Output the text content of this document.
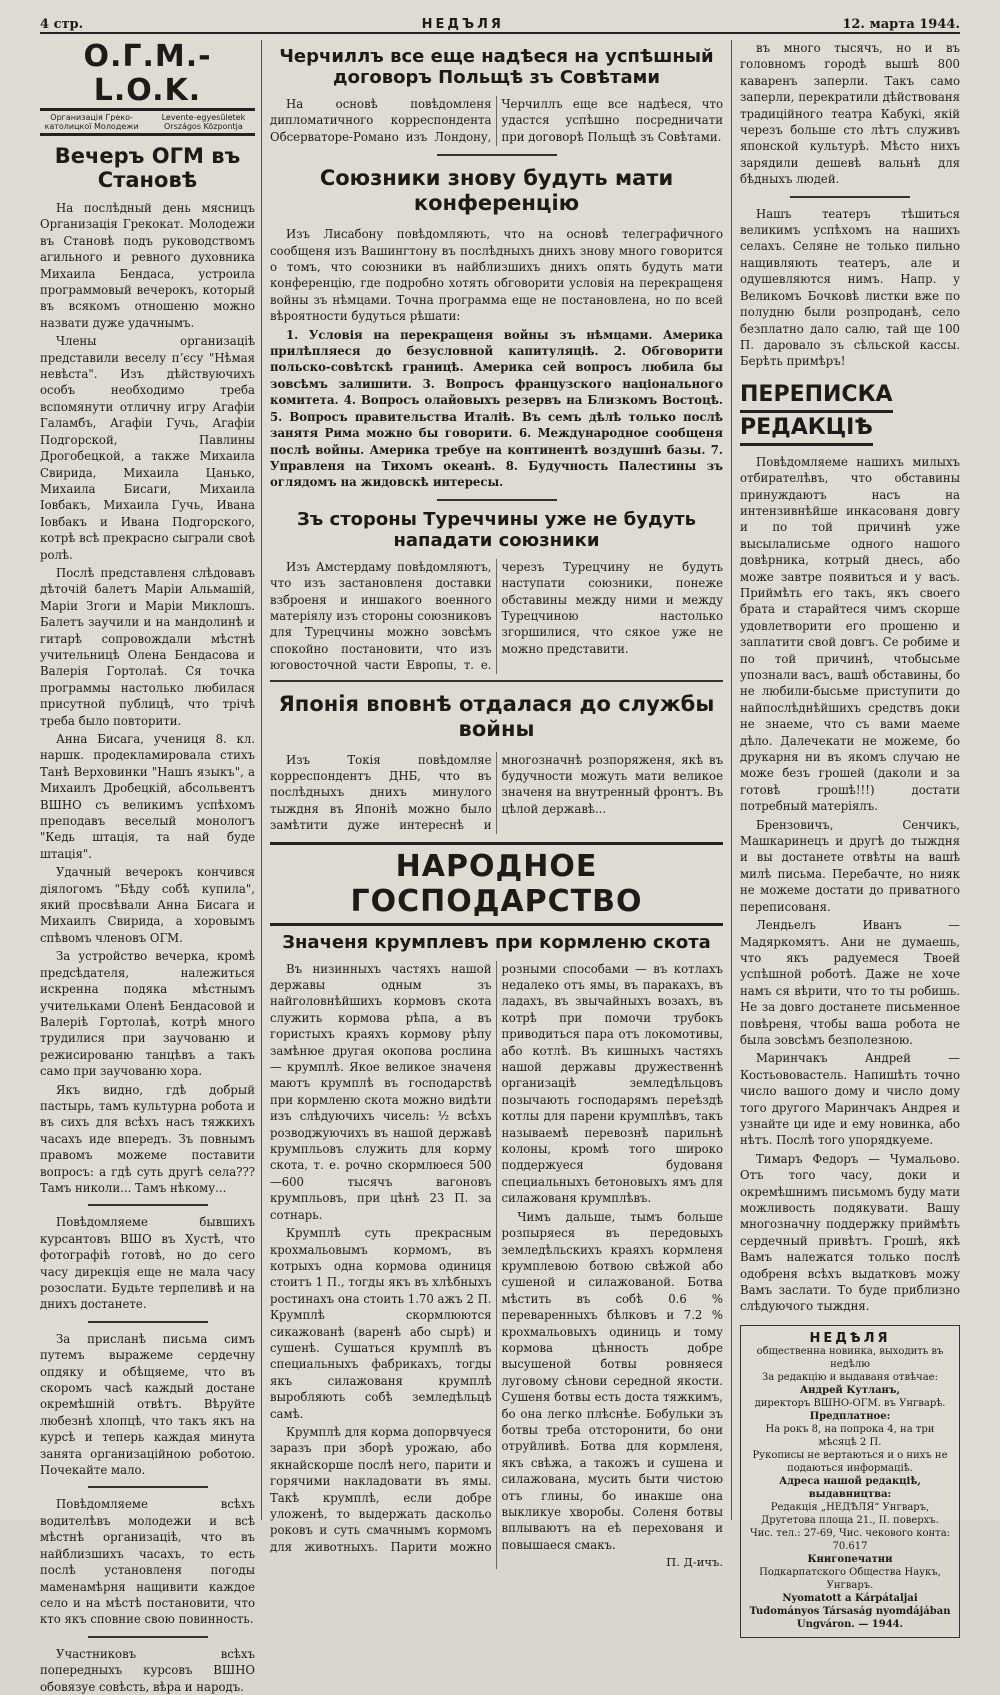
4 стр.	НЕДЪЛЯ	12. марта 1944.
О.Г.М.-L.O.K.
Организація Греко-католицкої Молодежи
Levente-egyesületek Országos Központja
Вечеръ ОГМ въ Становѣ

На послѣдный день мясницъ Организація Грекокат. Молодежи въ Становѣ подъ руководствомъ агильного и ревного духовника Михаила Бендаса, устроила программовый вечерокъ, который въ всякомъ отношеню можно назвати дуже удачнымъ.

Члены организаціѣ представили веселу пʼєсу "Нѣмая невѣста". Изъ дѣйствуючихъ особъ необходимо треба вспомянути отличну игру Агафіи Галамбъ, Агафіи Гучь, Агафіи Подгорской, Павлины Дрогобецкой, а также Михаила Свирида, Михаила Цанько, Михаила Бисаги, Михаила Іовбакъ, Михаила Гучь, Ивана Іовбакъ и Ивана Подгорского, котрѣ всѣ прекрасно сыграли своѣ ролѣ.

Послѣ представленя слѣдовавъ дѣточій балетъ Маріи Альмашій, Маріи Згоги и Маріи Миклошъ. Балетъ заучили и на мандолинѣ и гитарѣ сопровождали мѣстнѣ учительницѣ Олена Бендасова и Валерія Гортолаѣ. Ся точка программы настолько любилася присутной публицѣ, что трічѣ треба было повторити.

Анна Бисага, учениця 8. кл. наршк. продекламировала стихъ Танѣ Верховинки "Нашъ языкъ", а Михаилъ Дробецкій, абсольвентъ ВШНО съ великимъ успѣхомъ преподавъ веселый монологъ "Кедь штація, та най буде штація".

Удачный вечерокъ кончився діялогомъ "Бѣду собѣ купила", який просвѣвали Анна Бисага и Михаилъ Свирида, а хоровымъ спѣвомъ членовъ ОГМ.

За устройство вечерка, кромѣ предсѣдателя, належиться искренна подяка мѣстнымъ учительками Оленѣ Бендасовой и Валеріѣ Гортолаѣ, котрѣ много трудилися при заучованю и режисированю танцѣвъ а такъ само при заучованю хора.

Якъ видно, гдѣ добрый пастырь, тамъ культурна робота и въ сихъ для всѣхъ насъ тяжкихъ часахъ иде впередъ. Зъ повнымъ правомъ можеме поставити вопросъ: а гдѣ суть другѣ села??? Тамъ николи... Тамъ нѣкому...

Повѣдомляеме бывшихъ курсантовъ ВШО въ Хустѣ, что фотографіѣ готовѣ, но до сего часу дирекція еще не мала часу розослати. Будьте терпеливѣ и на днихъ достанете.

За присланѣ письма симъ путемъ выражеме сердечну опдяку и обѣщяеме, что въ скоромъ часѣ каждый достане окремѣшній отвѣтъ. Вѣруйте любезнѣ хлопцѣ, что такъ якъ на курсѣ и теперь каждая минута занята организаційною роботою. Почекайте мало.

Повѣдомляеме всѣхъ водителѣвъ молодежи и всѣ мѣстнѣ организаціѣ, что въ найблизшихъ часахъ, то есть послѣ установленя погоды маменамѣрня нащивити каждое село и на мѣстѣ постановити, что кто якъ сповние свою повинность.

Участниковъ всѣхъ попередныхъ курсовъ ВШНО обовязуе совѣсть, вѣра и народъ.

Черчиллъ все еще надѣеся на успѣшный договоръ Польщѣ зъ Совѣтами

На основѣ повѣдомленя дипломатичного корреспондента Обсерваторе-Романо изъ Лондону, Черчиллъ еще все надѣеся, что удастся успѣшно посредничати при договорѣ Польщѣ зъ Совѣтами.

Союзники знову будуть мати конференцію

Изъ Лисабону повѣдомляють, что на основѣ телеграфичного сообщеня изъ Вашингтону въ послѣдныхъ днихъ знову много говорится о томъ, что союзники въ найблизшихъ днихъ опять будуть мати конференцію, где подробно хотять обговорити условія на перекращеня войны зъ нѣмцами. Точна программа еще не постановлена, но по всей вѣроятности будуться рѣшати:

1. Условія на перекращеня войны зъ нѣмцами. Америка прилѣпляеся до безусловной капитуляціѣ. 2. Обговорити польско-совѣтскѣ границѣ. Америка сей вопросъ любила бы зовсѣмъ залишити. 3. Вопросъ французского національного комитета. 4. Вопросъ олайовыхъ резервъ на Близкомъ Востоцѣ. 5. Вопросъ правительства Италіѣ. Въ семъ дѣлѣ только послѣ занятя Рима можно бы говорити. 6. Международное сообщеня послѣ войны. Америка требуе на континентѣ воздушнѣ базы. 7. Управленя на Тихомъ океанѣ. 8. Будучность Палестины зъ оглядомъ на жидовскѣ интересы.

Зъ стороны Туреччины уже не будуть нападати союзники

Изъ Амстердаму повѣдомляютъ, что изъ застановленя доставки взброеня и иншакого военного матеріялу изъ стороны союзниковъ для Турецчины можно зовсѣмъ спокойно постановити, что изъ юговосточной части Европы, т. е. черезъ Турецчину не будуть наступати союзники, понеже обставины между ними и между Турецчиною настолько згоршилися, что сякое уже не можно представити.

Японія вповнѣ отдалася до службы войны

Изъ Токія повѣдомляе корреспондентъ ДНБ, что въ послѣдныхъ днихъ минулого тыждня въ Японіѣ можно было замѣтити дуже интереснѣ и многозначнѣ розпоряженя, якѣ въ будучности можуть мати великое значеня на внутренный фронтъ. Въ цѣлой державѣ...

НАРОДНОЕ ГОСПОДАРСТВО
Значеня крумплевъ при кормленю скота

Въ низинныхъ частяхъ нашой державы одным зъ найголовнѣйшихъ кормовъ скота служить кормова рѣпа, а въ гористыхъ краяхъ кормову рѣпу замѣнюе другая окопова рослина — крумплѣ. Якое великое значеня маютъ крумплѣ въ господарствѣ при кормленю скота можно видѣти изъ слѣдуючихъ чисель: ½ всѣхъ розводжуючихъ въ нашой державѣ крумпльовъ служить для корму скота, т. е. рочно скормлюеся 500—600 тысячъ вагоновъ крумпльовъ, при цѣнѣ 23 П. за сотнарь.

Крумплѣ суть прекрасным крохмальовымъ кормомъ, въ котрыхъ одна кормова одиниця стоитъ 1 П., тогды якъ въ хлѣбныхъ ростинахъ она стоить 1.70 ажъ 2 П. Крумплѣ скормлюются сикажованѣ (варенѣ або сырѣ) и сушенѣ. Сушаться крумплѣ въ специальныхъ фабрикахъ, тогды якъ силажованя крумплѣ выробляють собѣ земледѣльцѣ самѣ.

Крумплѣ для корма допорвчуеся заразъ при зборѣ урожаю, або якнайскорше послѣ него, парити и горячими накладовати въ ямы. Такѣ крумплѣ, если добре уложенѣ, то выдержать даскольо роковъ и суть смачнымъ кормомъ для животныхъ. Парити можно розными способами — въ котлахъ недалеко отъ ямы, въ паракахъ, въ ладахъ, въ звычайныхъ возахъ, въ котрѣ при помочи трубокъ приводиться пара отъ локомотивы, або котлѣ. Въ кишныхъ частяхъ нашой державы дружественнѣ организаціѣ земледѣльцовъ позычають господарямъ переѣздѣ котлы для парени крумплѣвъ, такъ называемѣ перевознѣ парильнѣ колоны, кромѣ того широко поддержуеся будованя специальныхъ бетоновыхъ ямъ для силажованя крумплѣвъ.

Чимъ дальше, тымъ больше розпыряеся въ передовыхъ земледѣльскихъ краяхъ кормленя крумплевою ботвою свѣжой або сушеной и силажованой. Ботва мѣстить въ собѣ 0.6 % переваренныхъ бѣлковъ и 7.2 % крохмальовыхъ одиниць и тому кормова цѣнность добре высушеной ботвы ровняеся луговому сѣнови середной якости. Сушеня ботвы есть доста тяжкимъ, бо она легко плѣснѣе. Бобульки зъ ботвы треба отсторонити, бо они отруйливѣ. Ботва для кормленя, якъ свѣжа, а такожъ и сушена и силажована, мусить быти чистою отъ глины, бо инакше она выкликуе хворобы. Соленя ботвы вплываютъ на еѣ перехованя и повышаеся смакъ.

П. Д-ичъ.

въ много тысячъ, но и въ головномъ городѣ вышѣ 800 каваренъ заперли. Такъ само заперли, перекратили дѣйствованя традиційного театра Кабукі, якій черезъ больше сто лѣтъ служивъ японской культурѣ. Мѣсто нихъ зарядили дешевѣ вальнѣ для бѣдныхъ людей.

Нашъ театеръ тѣшиться великимъ успѣхомъ на нашихъ селахъ. Селяне не только пильно нащивляють театеръ, але и одушевляются нимъ. Напр. у Великомъ Бочковѣ листки вже по полудню были розпроданѣ, село безплатно дало салю, тай ще 100 П. даровало зъ сѣльской кассы. Берѣть примѣръ!

ПЕРЕПИСКА
РЕДАКЦІѢ

Повѣдомляеме нашихъ милыхъ отбирателѣвъ, что обставины принуждаютъ насъ на интензивнѣйше инкасованя довгу и по той причинѣ уже высылалисьме одного нашого довѣрника, котрый днесь, або може завтре появиться и у васъ. Приймѣть его такъ, якъ своего брата и старайтеся чимъ скорше удовлетворити его прошеню и заплатити свой довгъ. Се робиме и по той причинѣ, чтобысьме упознали васъ, вашѣ обставины, бо не любили-бысьме приступити до найпослѣднѣйшихъ средствъ доки не знаеме, что съ вами маеме дѣло. Далечекати не можеме, бо друкарня ни въ якомъ случаю не може безъ грошей (даколи и за готовѣ грошѣ!!!) достати потребный матеріялъ.

Брензовичъ, Сенчикъ, Машкаринецъ и другѣ до тыждня и вы достанете отвѣты на вашѣ милѣ письма. Перебачте, но нияк не можеме достати до приватного переписованя.

Лендьелъ Иванъ — Мадяркомятъ. Ани не думаешь, что якъ радуемеся Твоей успѣшной роботѣ. Даже не хоче намъ ся вѣрити, что то ты робишь. Не за довго достанете письменное повѣреня, чтобы ваша робота не была зовсѣмъ безполезною.

Маринчакъ Андрей — Костьововастель. Напишѣть точно число вашого дому и число дому того другого Маринчакъ Андрея и узнайте ци иде и ему новинка, або нѣтъ. Послѣ того упорядкуеме.

Тимаръ Федоръ — Чумальово. Отъ того часу, доки и окремѣшнимъ письмомъ буду мати можливость подякувати. Вашу многозначну поддержку приймѣть сердечный привѣтъ. Грошѣ, якѣ Вамъ належатся только послѣ одобреня всѣхъ выдатковъ можу Вамъ заслати. То буде приблизно слѣдуючого тыждня.

НЕДѢЛЯ

общественна новинка, выходить въ недѣлю

За редакцію и выдаваня отвѣчае:

Андрей Кутланъ,

директоръ ВШНО-ОГМ. въ Унгварѣ.

Предплатное:

На рокъ 8, на попрока 4, на три мѣсяцѣ 2 П.

Рукописы не вертаються и о нихъ не подаються информаціѣ.

Адреса нашой редакціѣ, выдавництва:

Редакція „НЕДѢЛЯ“ Унгваръ, Другетова площа 21., II. поверхъ.

Чис. тел.: 27-69, Чис. чекового конта: 70.617

Книгопечатни

Подкарпатского Общества Наукъ, Унгваръ.

Nyomatott a Kárpátaljai Tudományos Társaság nyomdájában

Ungváron. — 1944.
